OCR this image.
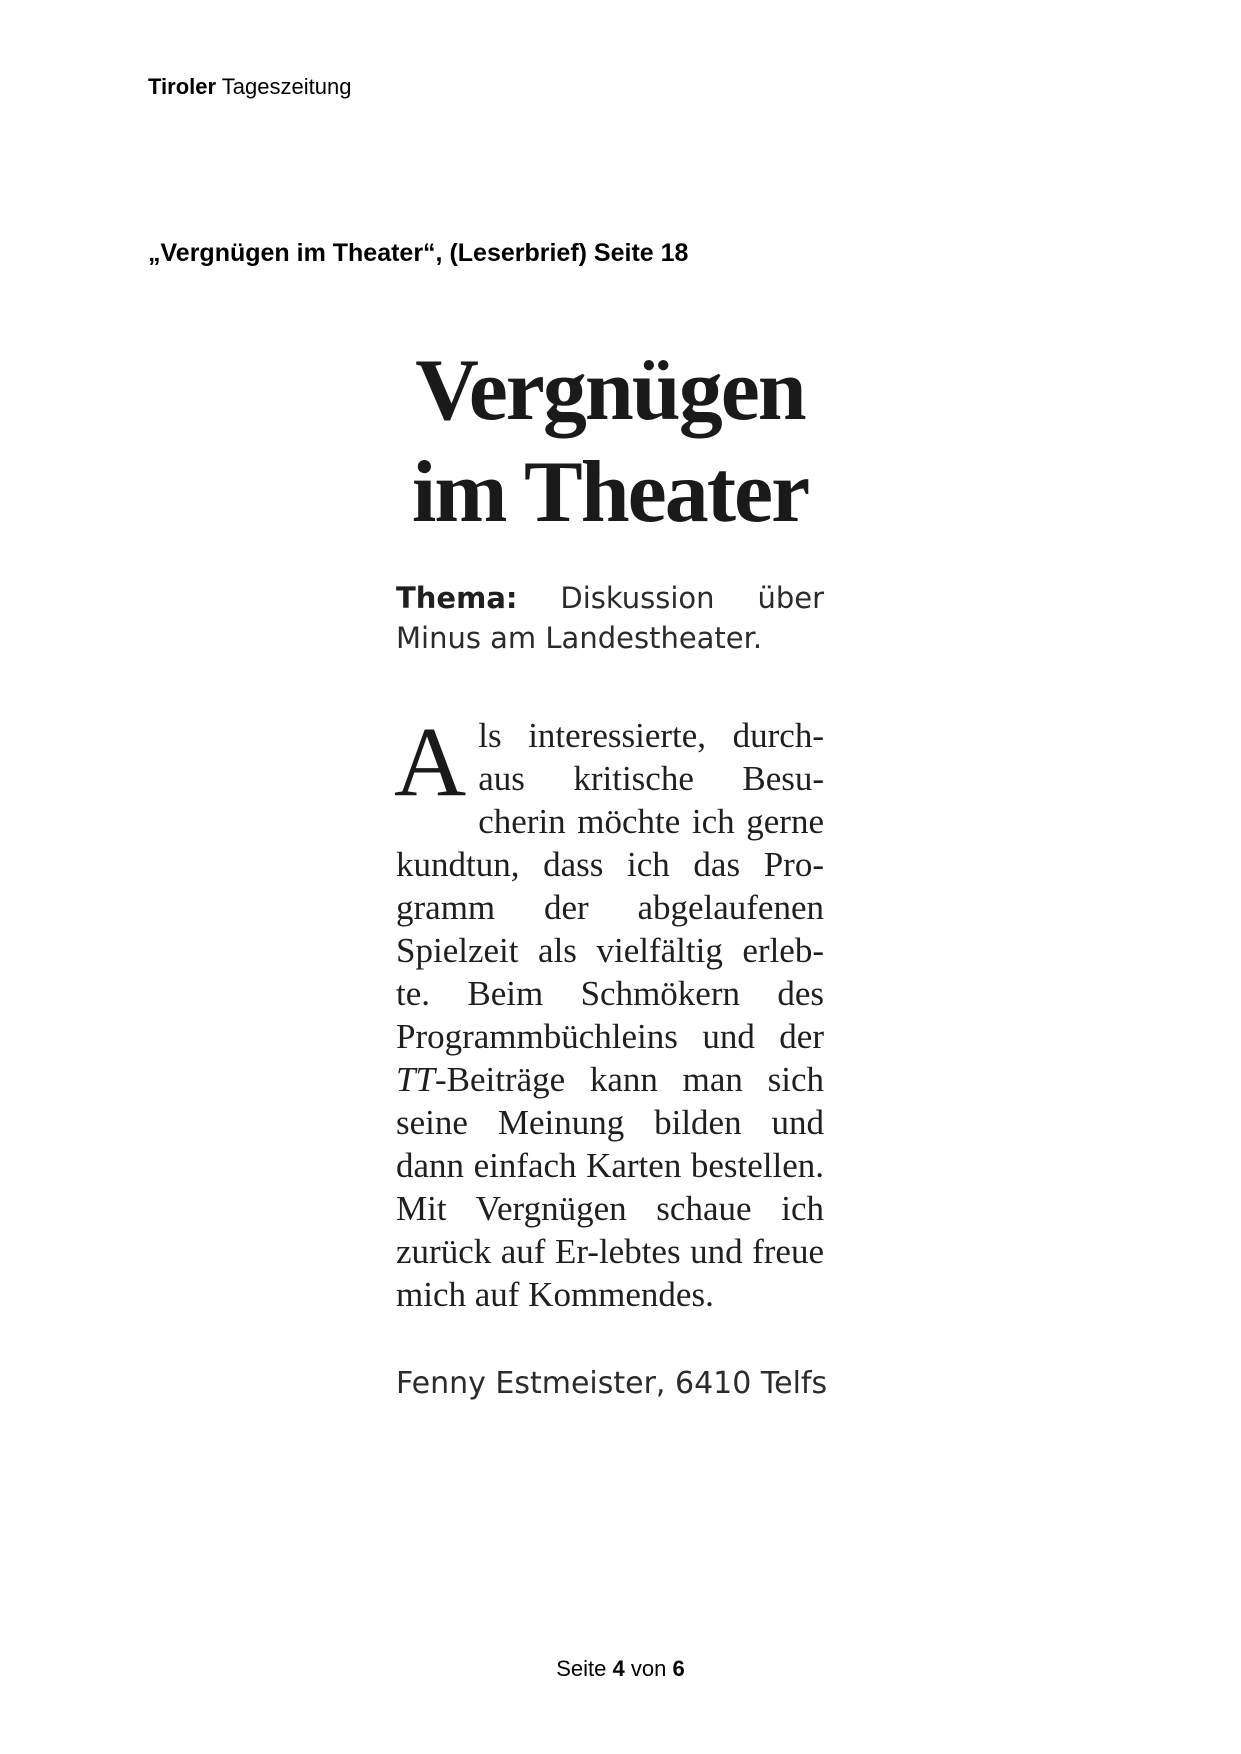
Tiroler Tageszeitung
„Vergnügen im Theater“, (Leserbrief) Seite 18
Vergnügen
im Theater
Thema: Diskussion über Minus am Landestheater.

Als interessierte, durch-aus kritische Besu-cherin möchte ich gerne kundtun, dass ich das Pro-gramm der abgelaufenen Spielzeit als vielfältig erleb-te. Beim Schmökern des Programmbüchleins und der TT-Beiträge kann man sich seine Meinung bilden und dann einfach Karten bestellen. Mit Vergnügen schaue ich zurück auf Er-lebtes und freue mich auf Kommendes.

Fenny Estmeister, 6410 Telfs
Seite 4 von 6
